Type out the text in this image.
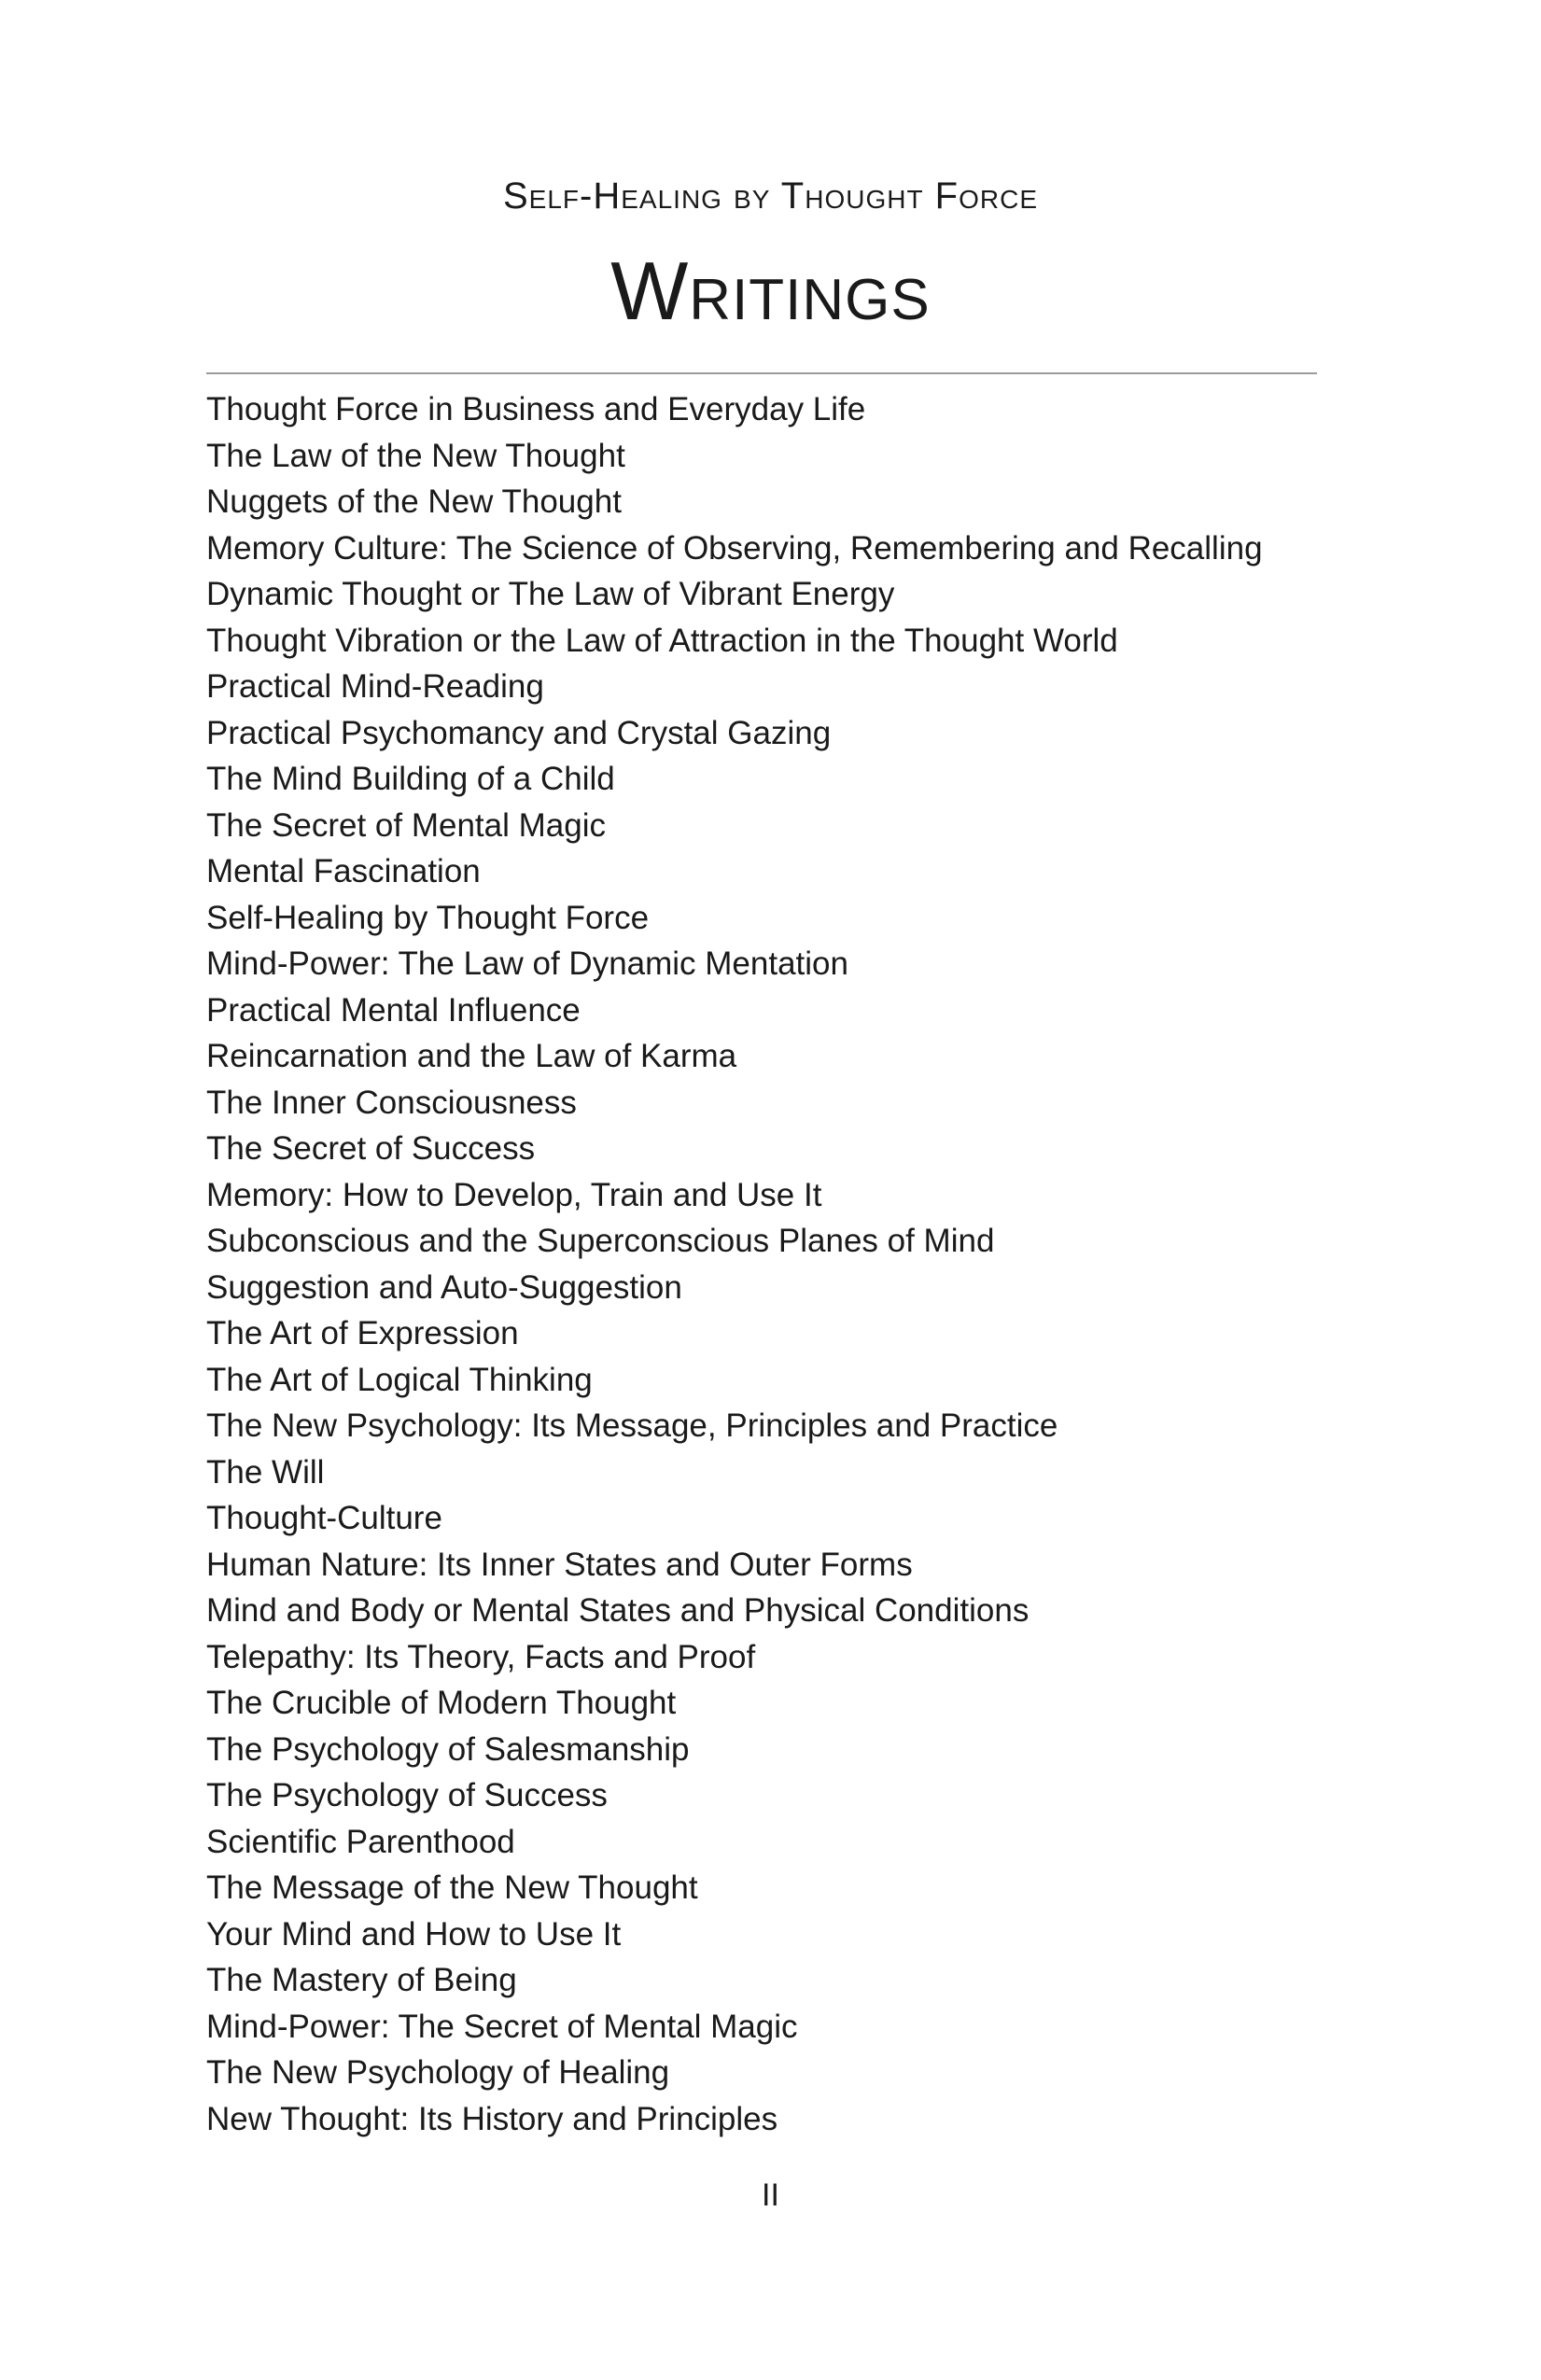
Self-Healing by Thought Force
Writings
Thought Force in Business and Everyday Life
The Law of the New Thought
Nuggets of the New Thought
Memory Culture: The Science of Observing, Remembering and Recalling
Dynamic Thought or The Law of Vibrant Energy
Thought Vibration or the Law of Attraction in the Thought World
Practical Mind-Reading
Practical Psychomancy and Crystal Gazing
The Mind Building of a Child
The Secret of Mental Magic
Mental Fascination
Self-Healing by Thought Force
Mind-Power: The Law of Dynamic Mentation
Practical Mental Influence
Reincarnation and the Law of Karma
The Inner Consciousness
The Secret of Success
Memory: How to Develop, Train and Use It
Subconscious and the Superconscious Planes of Mind
Suggestion and Auto-Suggestion
The Art of Expression
The Art of Logical Thinking
The New Psychology: Its Message, Principles and Practice
The Will
Thought-Culture
Human Nature: Its Inner States and Outer Forms
Mind and Body or Mental States and Physical Conditions
Telepathy: Its Theory, Facts and Proof
The Crucible of Modern Thought
The Psychology of Salesmanship
The Psychology of Success
Scientific Parenthood
The Message of the New Thought
Your Mind and How to Use It
The Mastery of Being
Mind-Power: The Secret of Mental Magic
The New Psychology of Healing
New Thought: Its History and Principles
II
